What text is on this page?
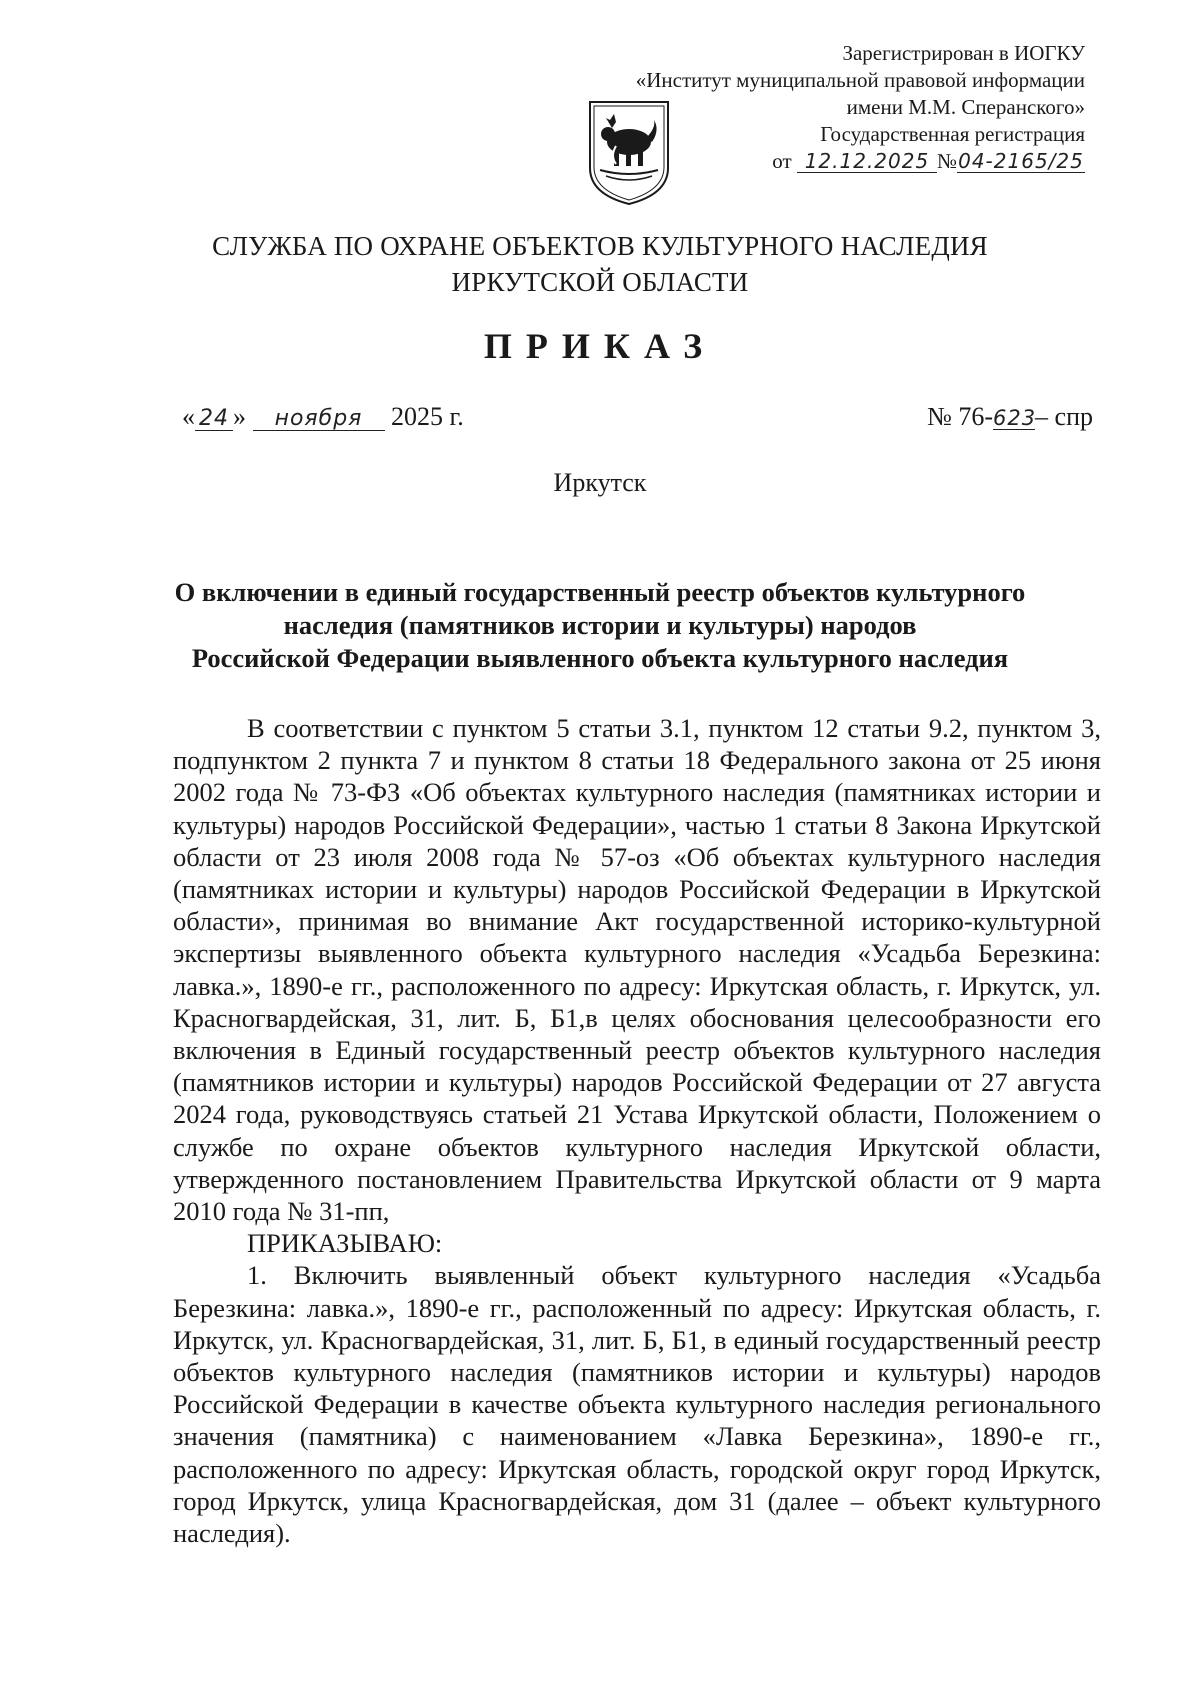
Зарегистрирован в ИОГКУ
«Институт муниципальной правовой информации
имени М.М. Сперанского»
Государственная регистрация
от 12.12.2025 №04-2165/25
СЛУЖБА ПО ОХРАНЕ ОБЪЕКТОВ КУЛЬТУРНОГО НАСЛЕДИЯ
ИРКУТСКОЙ ОБЛАСТИ
ПРИКАЗ
« 24 » ноября 2025 г.	№ 76-623– спр
Иркутск
О включении в единый государственный реестр объектов культурного
наследия (памятников истории и культуры) народов
Российской Федерации выявленного объекта культурного наследия

В соответствии с пунктом 5 статьи 3.1, пунктом 12 статьи 9.2, пунктом 3, подпунктом 2 пункта 7 и пунктом 8 статьи 18 Федерального закона от 25 июня 2002 года № 73-ФЗ «Об объектах культурного наследия (памятниках истории и культуры) народов Российской Федерации», частью 1 статьи 8 Закона Иркутской области от 23 июля 2008 года № 57-оз «Об объектах культурного наследия (памятниках истории и культуры) народов Российской Федерации в Иркутской области», принимая во внимание Акт государственной историко-культурной экспертизы выявленного объекта культурного наследия «Усадьба Березкина: лавка.», 1890-е гг., расположенного по адресу: Иркутская область, г. Иркутск, ул. Красногвардейская, 31, лит. Б, Б1,в целях обоснования целесообразности его включения в Единый государственный реестр объектов культурного наследия (памятников истории и культуры) народов Российской Федерации от 27 августа 2024 года, руководствуясь статьей 21 Устава Иркутской области, Положением о службе по охране объектов культурного наследия Иркутской области, утвержденного постановлением Правительства Иркутской области от 9 марта 2010 года № 31-пп,

ПРИКАЗЫВАЮ:

1. Включить выявленный объект культурного наследия «Усадьба Березкина: лавка.», 1890-е гг., расположенный по адресу: Иркутская область, г. Иркутск, ул. Красногвардейская, 31, лит. Б, Б1, в единый государственный реестр объектов культурного наследия (памятников истории и культуры) народов Российской Федерации в качестве объекта культурного наследия регионального значения (памятника) с наименованием «Лавка Березкина», 1890-е гг., расположенного по адресу: Иркутская область, городской округ город Иркутск, город Иркутск, улица Красногвардейская, дом 31 (далее – объект культурного наследия).
